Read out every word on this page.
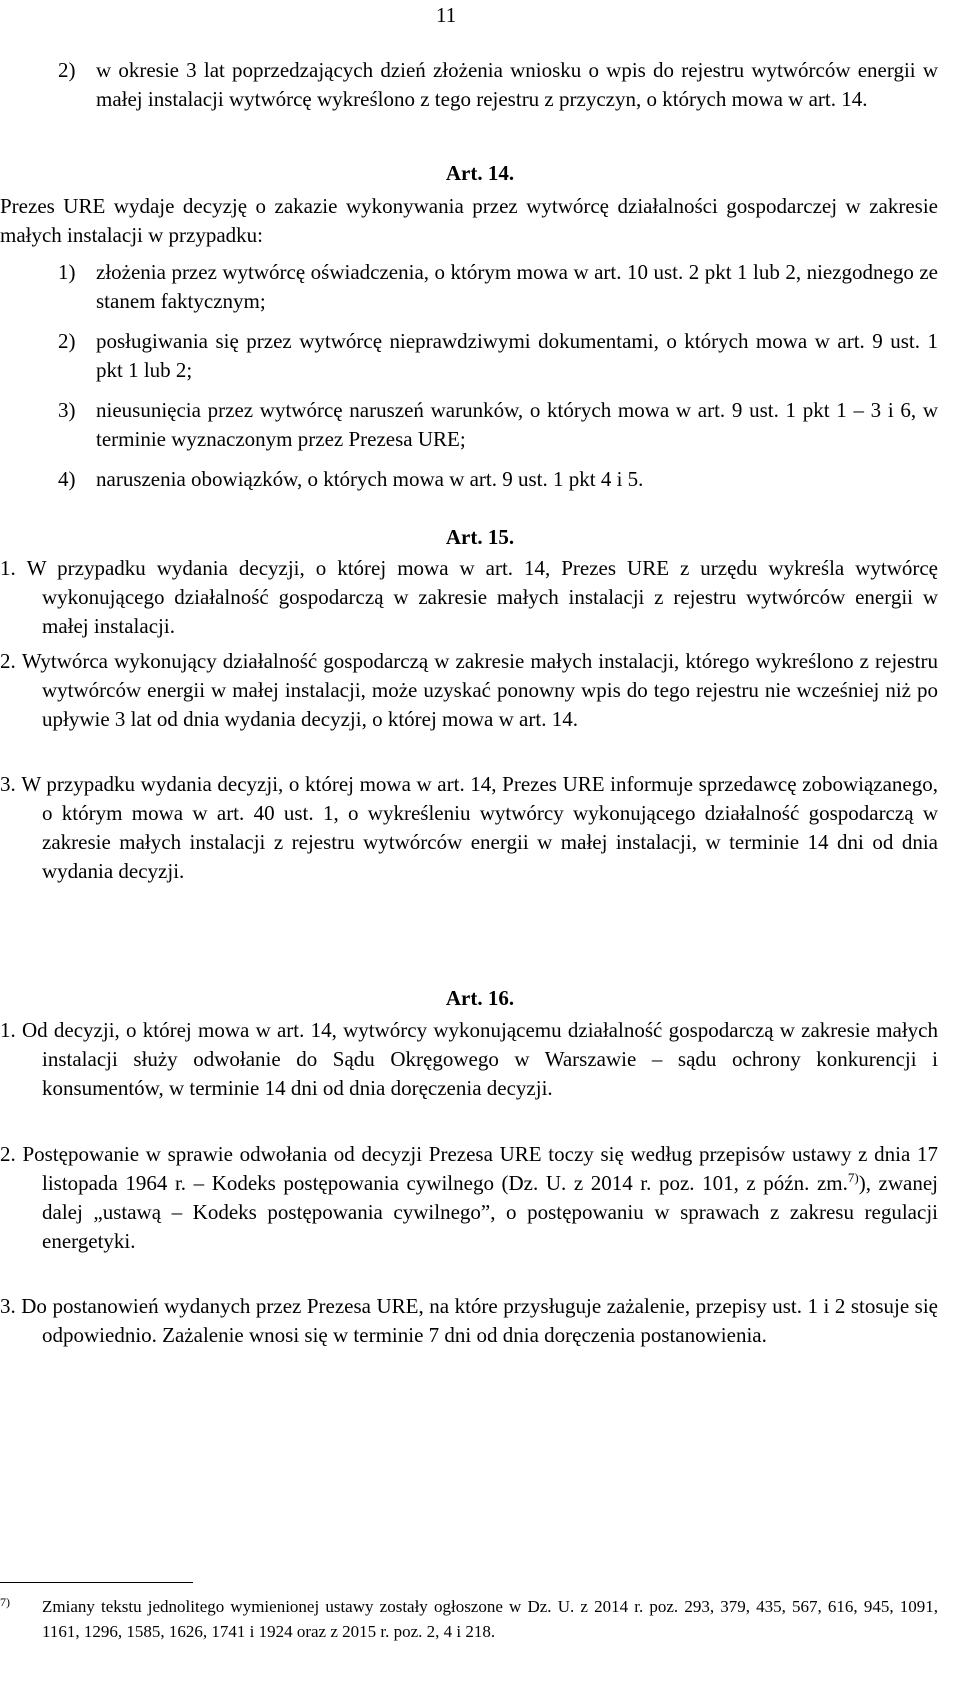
11
2) w okresie 3 lat poprzedzających dzień złożenia wniosku o wpis do rejestru wytwórców energii w małej instalacji wytwórcę wykreślono z tego rejestru z przyczyn, o których mowa w art. 14.
Art. 14.
Prezes URE wydaje decyzję o zakazie wykonywania przez wytwórcę działalności gospodarczej w zakresie małych instalacji w przypadku:
1) złożenia przez wytwórcę oświadczenia, o którym mowa w art. 10 ust. 2 pkt 1 lub 2, niezgodnego ze stanem faktycznym;
2) posługiwania się przez wytwórcę nieprawdziwymi dokumentami, o których mowa w art. 9 ust. 1 pkt 1 lub 2;
3) nieusunięcia przez wytwórcę naruszeń warunków, o których mowa w art. 9 ust. 1 pkt 1 – 3 i 6, w terminie wyznaczonym przez Prezesa URE;
4) naruszenia obowiązków, o których mowa w art. 9 ust. 1 pkt 4 i 5.
Art. 15.
1. W przypadku wydania decyzji, o której mowa w art. 14, Prezes URE z urzędu wykreśla wytwórcę wykonującego działalność gospodarczą w zakresie małych instalacji z rejestru wytwórców energii w małej instalacji.
2. Wytwórca wykonujący działalność gospodarczą w zakresie małych instalacji, którego wykreślono z rejestru wytwórców energii w małej instalacji, może uzyskać ponowny wpis do tego rejestru nie wcześniej niż po upływie 3 lat od dnia wydania decyzji, o której mowa w art. 14.
3. W przypadku wydania decyzji, o której mowa w art. 14, Prezes URE informuje sprzedawcę zobowiązanego, o którym mowa w art. 40 ust. 1, o wykreśleniu wytwórcy wykonującego działalność gospodarczą w zakresie małych instalacji z rejestru wytwórców energii w małej instalacji, w terminie 14 dni od dnia wydania decyzji.
Art. 16.
1. Od decyzji, o której mowa w art. 14, wytwórcy wykonującemu działalność gospodarczą w zakresie małych instalacji służy odwołanie do Sądu Okręgowego w Warszawie – sądu ochrony konkurencji i konsumentów, w terminie 14 dni od dnia doręczenia decyzji.
2. Postępowanie w sprawie odwołania od decyzji Prezesa URE toczy się według przepisów ustawy z dnia 17 listopada 1964 r. – Kodeks postępowania cywilnego (Dz. U. z 2014 r. poz. 101, z późn. zm.$^{7)}$), zwanej dalej „ustawą – Kodeks postępowania cywilnego”, o postępowaniu w sprawach z zakresu regulacji energetyki.
3. Do postanowień wydanych przez Prezesa URE, na które przysługuje zażalenie, przepisy ust. 1 i 2 stosuje się odpowiednio. Zażalenie wnosi się w terminie 7 dni od dnia doręczenia postanowienia.
7) Zmiany tekstu jednolitego wymienionej ustawy zostały ogłoszone w Dz. U. z 2014 r. poz. 293, 379, 435, 567, 616, 945, 1091, 1161, 1296, 1585, 1626, 1741 i 1924 oraz z 2015 r. poz. 2, 4 i 218.
